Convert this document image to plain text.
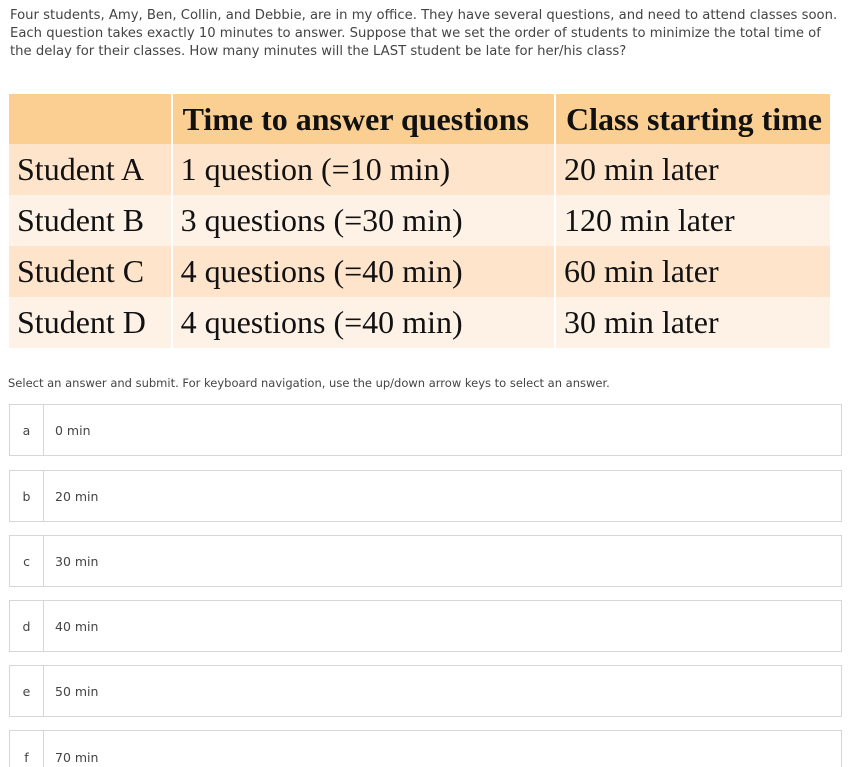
Four students, Amy, Ben, Collin, and Debbie, are in my office. They have several questions, and need to attend classes soon. Each question takes exactly 10 minutes to answer. Suppose that we set the order of students to minimize the total time of the delay for their classes. How many minutes will the LAST student be late for her/his class?
	Time to answer questions	Class starting time
Student A	1 question (=10 min)	20 min later
Student B	3 questions (=30 min)	120 min later
Student C	4 questions (=40 min)	60 min later
Student D	4 questions (=40 min)	30 min later
Select an answer and submit. For keyboard navigation, use the up/down arrow keys to select an answer.
a	0 min
b	20 min
c	30 min
d	40 min
e	50 min
f	70 min
